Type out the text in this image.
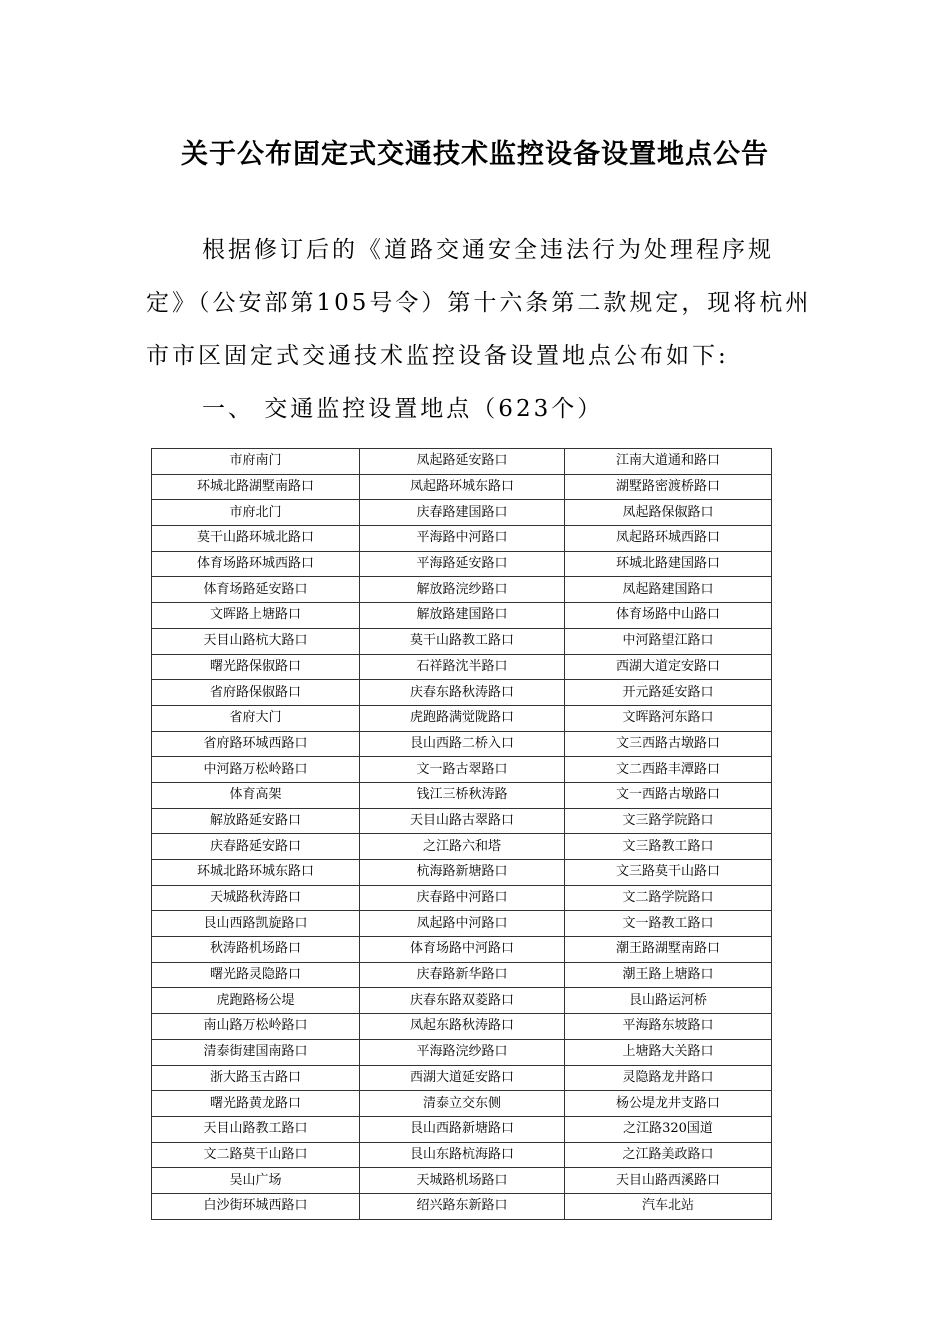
关于公布固定式交通技术监控设备设置地点公告

根据修订后的《道路交通安全违法行为处理程序规

定》（公安部第105号令）第十六条第二款规定，现将杭州

市市区固定式交通技术监控设备设置地点公布如下:

一、 交通监控设置地点（623个）

市府南门	凤起路延安路口	江南大道通和路口
环城北路湖墅南路口	凤起路环城东路口	湖墅路密渡桥路口
市府北门	庆春路建国路口	凤起路保俶路口
莫干山路环城北路口	平海路中河路口	凤起路环城西路口
体育场路环城西路口	平海路延安路口	环城北路建国路口
体育场路延安路口	解放路浣纱路口	凤起路建国路口
文晖路上塘路口	解放路建国路口	体育场路中山路口
天目山路杭大路口	莫干山路教工路口	中河路望江路口
曙光路保俶路口	石祥路沈半路口	西湖大道定安路口
省府路保俶路口	庆春东路秋涛路口	开元路延安路口
省府大门	虎跑路满觉陇路口	文晖路河东路口
省府路环城西路口	艮山西路二桥入口	文三西路古墩路口
中河路万松岭路口	文一路古翠路口	文二西路丰潭路口
体育高架	钱江三桥秋涛路	文一西路古墩路口
解放路延安路口	天目山路古翠路口	文三路学院路口
庆春路延安路口	之江路六和塔	文三路教工路口
环城北路环城东路口	杭海路新塘路口	文三路莫干山路口
天城路秋涛路口	庆春路中河路口	文二路学院路口
艮山西路凯旋路口	凤起路中河路口	文一路教工路口
秋涛路机场路口	体育场路中河路口	潮王路湖墅南路口
曙光路灵隐路口	庆春路新华路口	潮王路上塘路口
虎跑路杨公堤	庆春东路双菱路口	艮山路运河桥
南山路万松岭路口	凤起东路秋涛路口	平海路东坡路口
清泰街建国南路口	平海路浣纱路口	上塘路大关路口
浙大路玉古路口	西湖大道延安路口	灵隐路龙井路口
曙光路黄龙路口	清泰立交东侧	杨公堤龙井支路口
天目山路教工路口	艮山西路新塘路口	之江路320国道
文二路莫干山路口	艮山东路杭海路口	之江路美政路口
吴山广场	天城路机场路口	天目山路西溪路口
白沙街环城西路口	绍兴路东新路口	汽车北站
